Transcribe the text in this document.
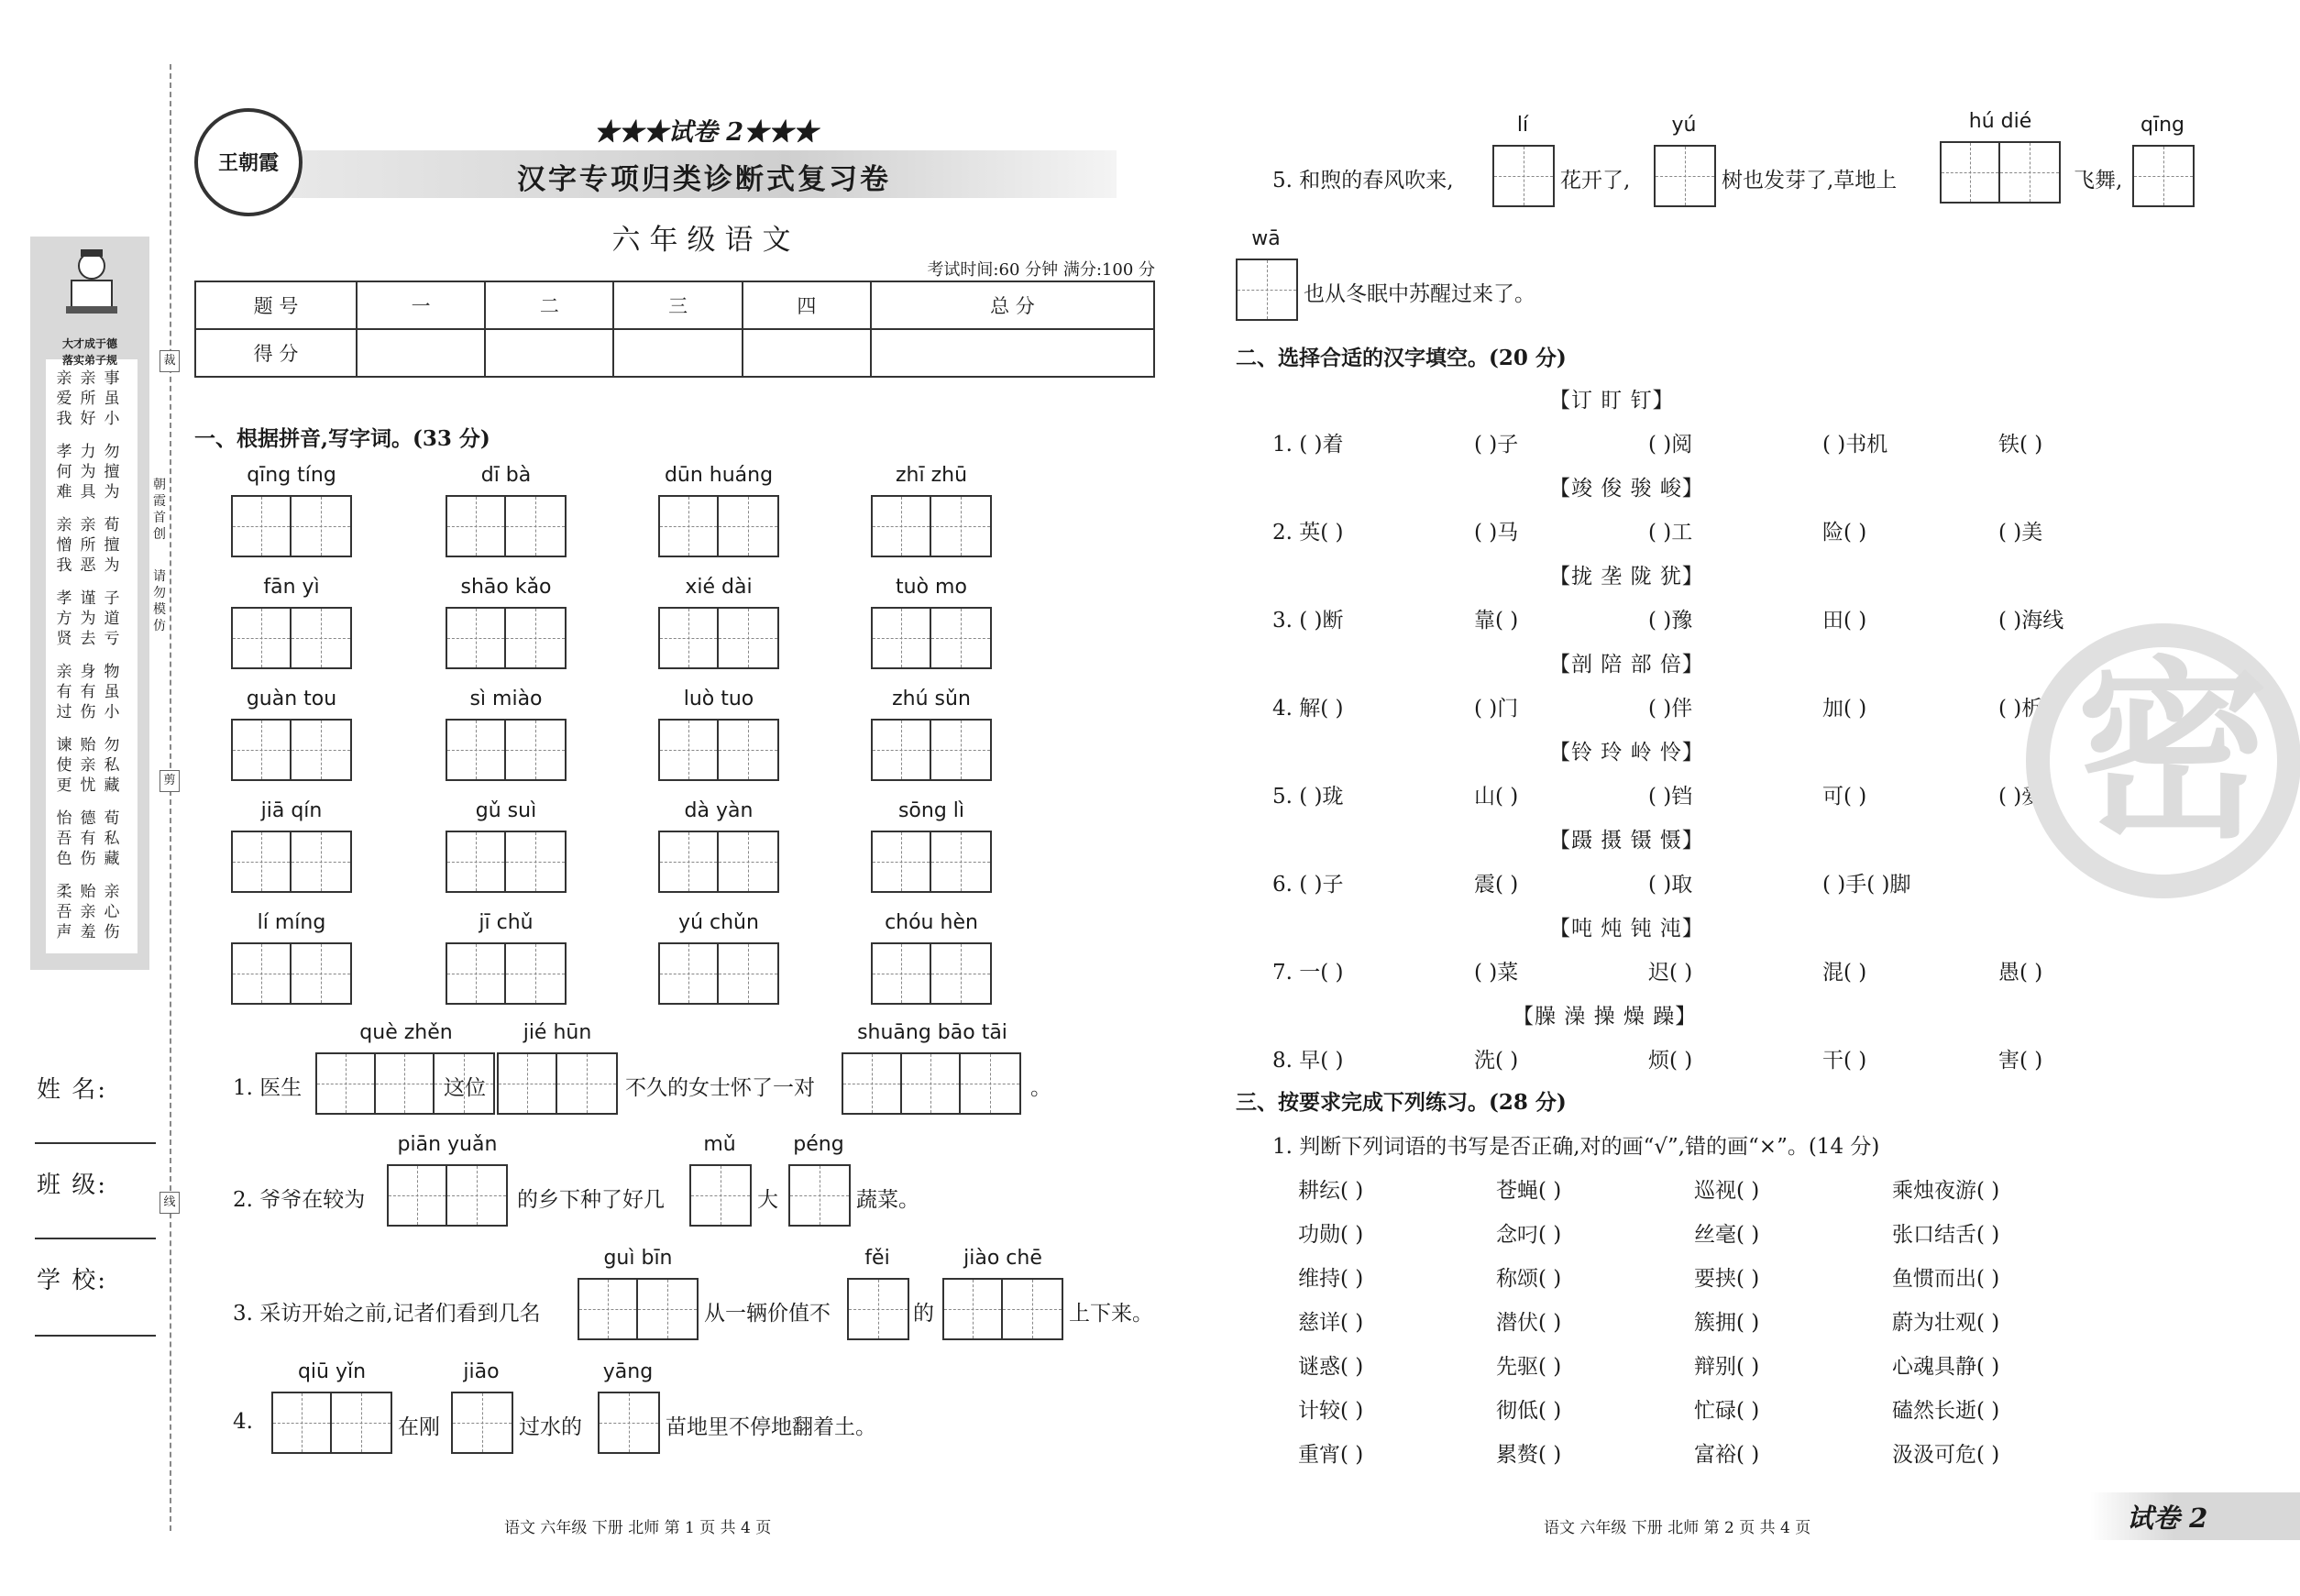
大才成于德
落实弟子规
亲爱我
亲所好
事虽小
孝何难
力为具
勿擅为
亲憎我
亲所恶
荀擅为
孝方贤
谨为去
子道亏
亲有过
身有伤
物虽小
谏使更
贻亲忧
勿私藏
怡吾色
德有伤
荀私藏
柔吾声
贻亲羞
亲心伤
裁
剪
线
朝霞首创
请勿模仿
姓 名:
班 级:
学 校:
王朝霞
★★★试卷 2★★★
汉字专项归类诊断式复习卷
六年级语文
考试时间:60 分钟 满分:100 分
题 号	一	二	三	四	总 分
得 分					
一、根据拼音,写字词。(33 分)
qīng tíng	dī bà	dūn huáng	zhī zhū
fān yì	shāo kǎo	xié dài	tuò mo
guàn tou	sì miào	luò tuo	zhú sǔn
jiā qín	gǔ suì	dà yàn	sōng lì
lí míng	jī chǔ	yú chǔn	chóu hèn
1. 医生
què zhěn
这位
jié hūn
不久的女士怀了一对
shuāng bāo tāi
。
2. 爷爷在较为
piān yuǎn
的乡下种了好几
mǔ
大
péng
蔬菜。
3. 采访开始之前,记者们看到几名
guì bīn
从一辆价值不
fěi
的
jiào chē
上下来。
4.
qiū yǐn
在刚
jiāo
过水的
yāng
苗地里不停地翻着土。
5. 和煦的春风吹来,
lí
花开了,
yú
树也发芽了,草地上
hú dié
飞舞,
qīng
wā
也从冬眠中苏醒过来了。
二、选择合适的汉字填空。(20 分)
【订 盯 钉】
1. ( )着	( )子	( )阅	( )书机	铁( )
【竣 俊 骏 峻】
2. 英( )	( )马	( )工	险( )	( )美
【拢 垄 陇 犹】
3. ( )断	靠( )	( )豫	田( )	( )海线
【剖 陪 部 倍】
4. 解( )	( )门	( )伴	加( )	( )析
【铃 玲 岭 怜】
5. ( )珑	山( )	( )铛	可( )	( )爱
【蹑 摄 镊 慑】
6. ( )子	震( )	( )取	( )手( )脚
【吨 炖 钝 沌】
7. 一( )	( )菜	迟( )	混( )	愚( )
【臊 澡 操 燥 躁】
8. 早( )	洗( )	烦( )	干( )	害( )
三、按要求完成下列练习。(28 分)
1. 判断下列词语的书写是否正确,对的画“√”,错的画“×”。(14 分)
耕纭( )	苍蝇( )	巡视( )	乘烛夜游( )
功勋( )	念叼( )	丝毫( )	张口结舌( )
维持( )	称颂( )	要挟( )	鱼惯而出( )
慈详( )	潜伏( )	簇拥( )	蔚为壮观( )
谜惑( )	先驱( )	辩别( )	心魂具静( )
计较( )	彻低( )	忙碌( )	磕然长逝( )
重宵( )	累赘( )	富裕( )	汲汲可危( )
密
语文 六年级 下册 北师 第 1 页 共 4 页	语文 六年级 下册 北师 第 2 页 共 4 页	试卷 2
